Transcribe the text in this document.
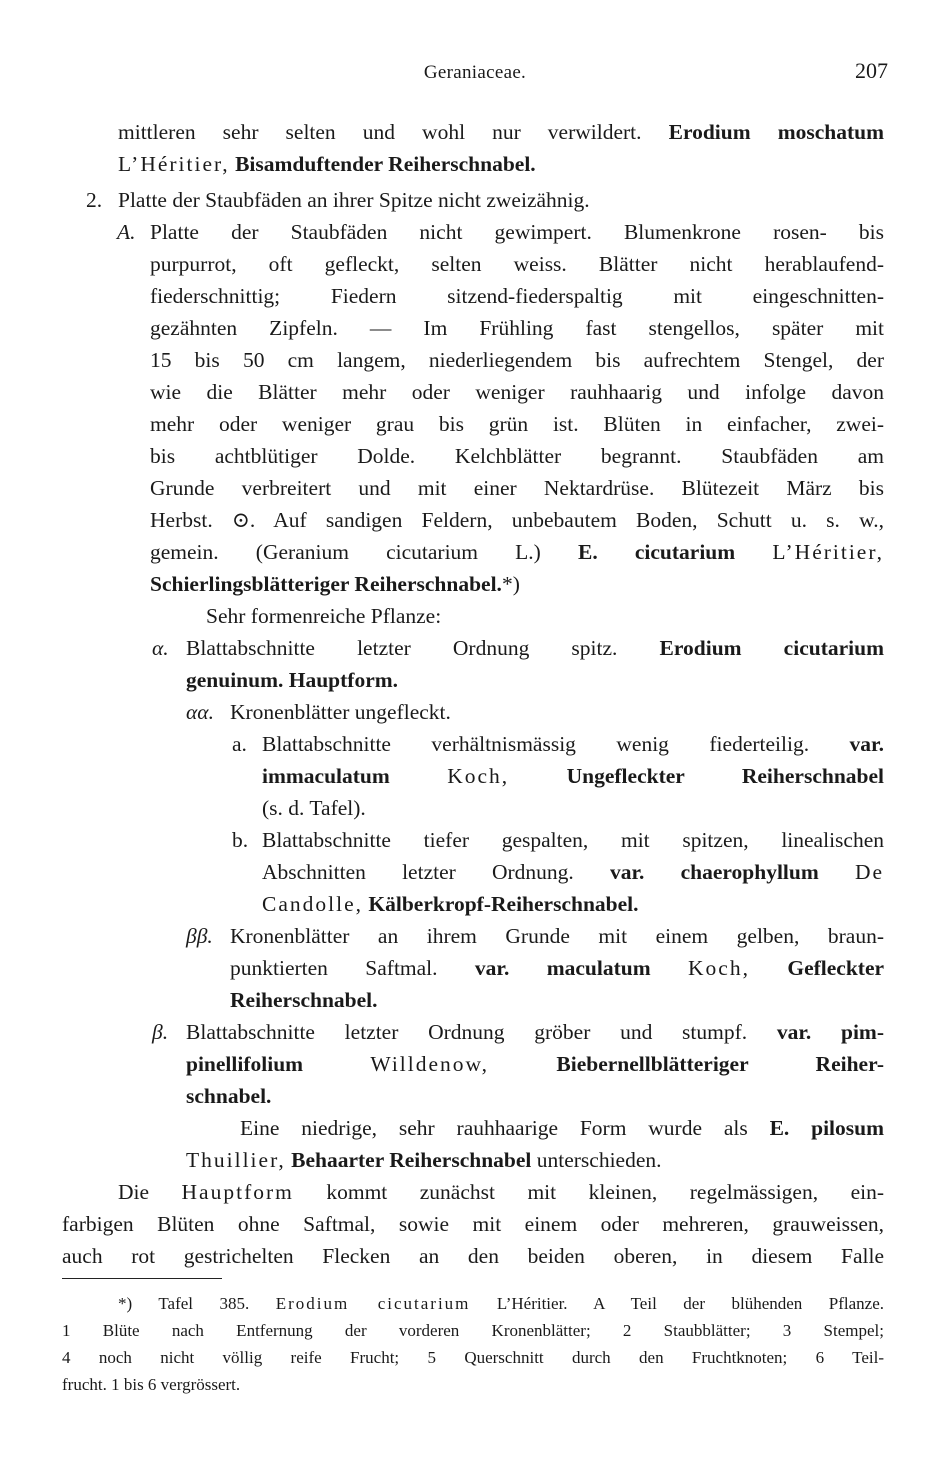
Geraniaceae.	207
mittleren sehr selten und wohl nur verwildert. Erodium moschatum
L’Héritier, Bisamduftender Reiherschnabel.
2. Platte der Staubfäden an ihrer Spitze nicht zweizähnig.
Platte der Staubfäden nicht gewimpert. Blumenkrone rosen- bis
A.
purpurrot, oft gefleckt, selten weiss. Blätter nicht herablaufend-
fiederschnittig; Fiedern sitzend-fiederspaltig mit eingeschnitten-
gezähnten Zipfeln. — Im Frühling fast stengellos, später mit
15 bis 50 cm langem, niederliegendem bis aufrechtem Stengel, der
wie die Blätter mehr oder weniger rauhhaarig und infolge davon
mehr oder weniger grau bis grün ist. Blüten in einfacher, zwei-
bis achtblütiger Dolde. Kelchblätter begrannt. Staubfäden am
Grunde verbreitert und mit einer Nektardrüse. Blütezeit März bis
Herbst. ⊙. Auf sandigen Feldern, unbebautem Boden, Schutt u. s. w.,
gemein. (Geranium cicutarium L.) E. cicutarium L’Héritier,
Schierlingsblätteriger Reiherschnabel.*)
Sehr formenreiche Pflanze:
α. Blattabschnitte letzter Ordnung spitz. Erodium cicutarium
genuinum. Hauptform.
αα. Kronenblätter ungefleckt.
a. Blattabschnitte verhältnismässig wenig fiederteilig. var.
immaculatum	Koch,	Ungefleckter Reiherschnabel
(s. d. Tafel).
b. Blattabschnitte tiefer gespalten, mit spitzen, linealischen
Abschnitten letzter Ordnung. var. chaerophyllum De
Candolle, Kälberkropf-Reiherschnabel.
ββ. Kronenblätter an ihrem Grunde mit einem gelben, braun-
punktierten Saftmal. var. maculatum Koch, Gefleckter
Reiherschnabel.
β. Blattabschnitte letzter Ordnung gröber und stumpf. var. pim-
pinellifolium	Willdenow,	Biebernellblätteriger Reiher-
schnabel.
Eine niedrige, sehr rauhhaarige Form wurde als E. pilosum
Thuillier, Behaarter Reiherschnabel unterschieden.
Die Hauptform kommt zunächst mit kleinen, regelmässigen, ein-
farbigen Blüten ohne Saftmal, sowie mit einem oder mehreren, grauweissen,
auch rot gestrichelten Flecken an den beiden oberen, in diesem Falle
*) Tafel 385. Erodium cicutarium L’Héritier. A Teil der blühenden Pflanze.
1 Blüte nach Entfernung der vorderen Kronenblätter; 2 Staubblätter; 3 Stempel;
4 noch nicht völlig reife Frucht; 5 Querschnitt durch den Fruchtknoten; 6 Teil-
frucht. 1 bis 6 vergrössert.
